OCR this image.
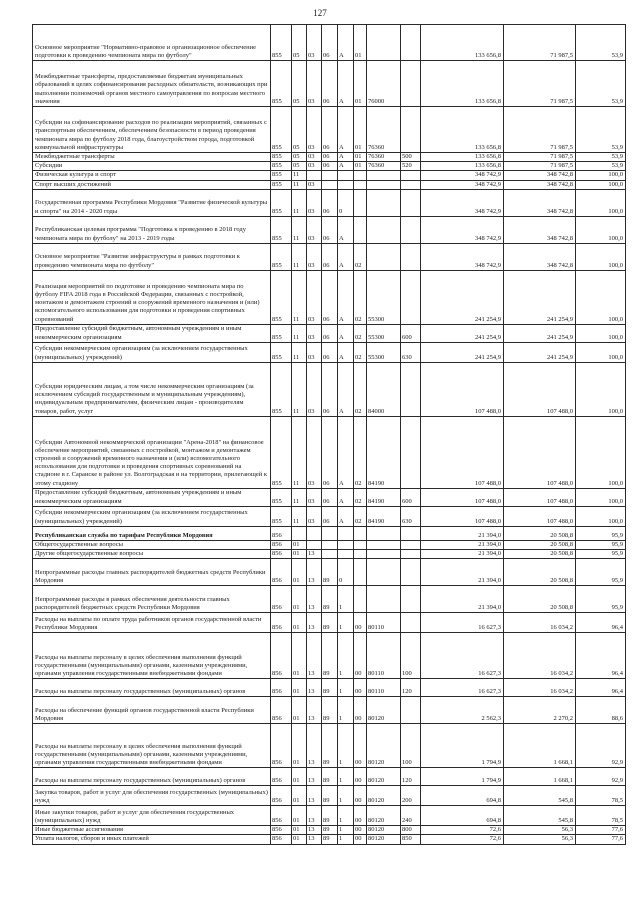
127
Основное мероприятие "Нормативно-правовое и организационное обеспечение подготовки к проведению чемпионата мира по футболу"	855	05	03	06	А	01			133 656,8	71 987,5	53,9
Межбюджетные трансферты, предоставляемые бюджетам муниципальных образований в целях софинансирования расходных обязательств, возникающих при выполнении полномочий органов местного самоуправления по вопросам местного значения	855	05	03	06	А	01	76000		133 656,8	71 987,5	53,9
Субсидии на софинансирование расходов по реализации мероприятий, связанных с транспортным обеспечением, обеспечением безопасности в период проведения чемпионата мира по футболу 2018 года, благоустройством города, подготовкой коммунальной инфраструктуры	855	05	03	06	А	01	76360		133 656,8	71 987,5	53,9
Межбюджетные трансферты	855	05	03	06	А	01	76360	500	133 656,8	71 987,5	53,9
Субсидии	855	05	03	06	А	01	76360	520	133 656,8	71 987,5	53,9
Физическая культура и спорт	855	11							348 742,9	348 742,8	100,0
Спорт высших достижений	855	11	03						348 742,9	348 742,8	100,0
Государственная программа Республики Мордовия "Развитие физической культуры и спорта" на 2014 - 2020 годы	855	11	03	06	0				348 742,9	348 742,8	100,0
Республиканская целевая программа "Подготовка к проведению в 2018 году чемпионата мира по футболу" на 2013 - 2019 годы	855	11	03	06	А				348 742,9	348 742,8	100,0
Основное мероприятие "Развитие инфраструктуры в рамках подготовки к проведению чемпионата мира по футболу"	855	11	03	06	А	02			348 742,9	348 742,8	100,0
Реализация мероприятий по подготовке и проведению чемпионата мира по футболу FIFA 2018 года в Российской Федерации, связанных с постройкой, монтажом и демонтажем строений и сооружений временного назначения и (или) вспомогательного использования для подготовки и проведения спортивных соревнований	855	11	03	06	А	02	55300		241 254,9	241 254,9	100,0
Предоставление субсидий бюджетным, автономным учреждениям и иным некоммерческим организациям	855	11	03	06	А	02	55300	600	241 254,9	241 254,9	100,0
Субсидии некоммерческим организациям (за исключением государственных (муниципальных) учреждений)	855	11	03	06	А	02	55300	630	241 254,9	241 254,9	100,0
Субсидии юридическим лицам, а том числе некоммерческим организациям (за исключением субсидий государственным и муниципальным учреждениям), индивидуальным предпринимателям, физическим лицам - производителям товаров, работ, услуг	855	11	03	06	А	02	84000		107 488,0	107 488,0	100,0
Субсидии Автономной некоммерческой организации "Арена-2018" на финансовое обеспечение мероприятий, связанных с постройкой, монтажом и демонтажем строений и сооружений временного назначения и (или) вспомогательного использования для подготовки и проведения спортивных соревнований на стадионе в г. Саранске в районе ул. Волгоградская и на территории, прилегающей к этому стадиону	855	11	03	06	А	02	84190		107 488,0	107 488,0	100,0
Предоставление субсидий бюджетным, автономным учреждениям и иным некоммерческим организациям	855	11	03	06	А	02	84190	600	107 488,0	107 488,0	100,0
Субсидии некоммерческим организациям (за исключением государственных (муниципальных) учреждений)	855	11	03	06	А	02	84190	630	107 488,0	107 488,0	100,0
Республиканская служба по тарифам Республики Мордовия	856								21 394,0	20 508,8	95,9
Общегосударственные вопросы	856	01							21 394,0	20 508,8	95,9
Другие общегосударственные вопросы	856	01	13						21 394,0	20 508,8	95,9
Непрограммные расходы главных распорядителей бюджетных средств Республики Мордовия	856	01	13	89	0				21 394,0	20 508,8	95,9
Непрограммные расходы в рамках обеспечения деятельности главных распорядителей бюджетных средств Республики Мордовия	856	01	13	89	1				21 394,0	20 508,8	95,9
Расходы на выплаты по оплате труда работников органов государственной власти Республики Мордовия	856	01	13	89	1	00	80110		16 627,3	16 034,2	96,4
Расходы на выплаты персоналу в целях обеспечения выполнения функций государственными (муниципальными) органами, казенными учреждениями, органами управления государственными внебюджетными фондами	856	01	13	89	1	00	80110	100	16 627,3	16 034,2	96,4
Расходы на выплаты персоналу государственных (муниципальных) органов	856	01	13	89	1	00	80110	120	16 627,3	16 034,2	96,4
Расходы на обеспечение функций органов государственной власти Республики Мордовия	856	01	13	89	1	00	80120		2 562,3	2 270,2	88,6
Расходы на выплаты персоналу в целях обеспечения выполнения функций государственными (муниципальными) органами, казенными учреждениями, органами управления государственными внебюджетными фондами	856	01	13	89	1	00	80120	100	1 794,9	1 668,1	92,9
Расходы на выплаты персоналу государственных (муниципальных) органов	856	01	13	89	1	00	80120	120	1 794,9	1 668,1	92,9
Закупка товаров, работ и услуг для обеспечения государственных (муниципальных) нужд	856	01	13	89	1	00	80120	200	694,8	545,8	78,5
Иные закупки товаров, работ и услуг для обеспечения государственных (муниципальных) нужд	856	01	13	89	1	00	80120	240	694,8	545,8	78,5
Иные бюджетные ассигнования	856	01	13	89	1	00	80120	800	72,6	56,3	77,6
Уплата налогов, сборов и иных платежей	856	01	13	89	1	00	80120	850	72,6	56,3	77,6
